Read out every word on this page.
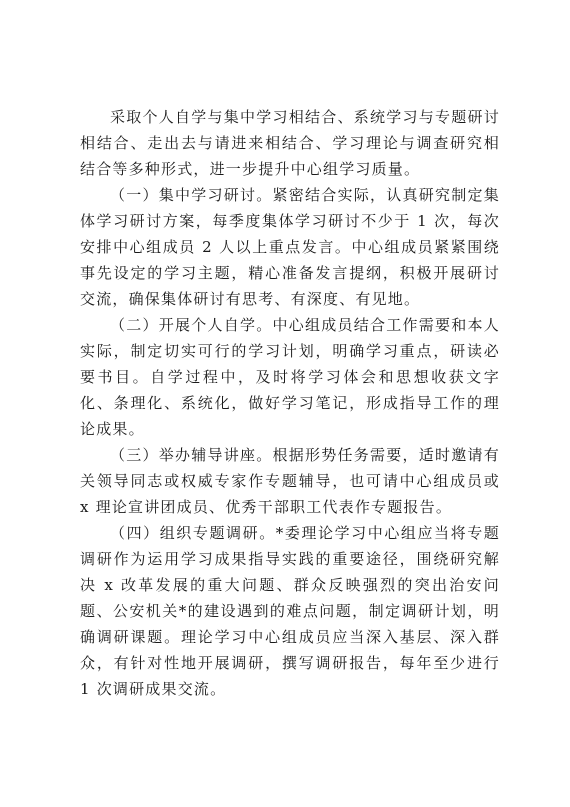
采取个人自学与集中学习相结合、系统学习与专题研讨相结合、走出去与请进来相结合、学习理论与调查研究相结合等多种形式，进一步提升中心组学习质量。

（一）集中学习研讨。紧密结合实际，认真研究制定集体学习研讨方案，每季度集体学习研讨不少于 1 次，每次安排中心组成员 2 人以上重点发言。中心组成员紧紧围绕事先设定的学习主题，精心准备发言提纲，积极开展研讨交流，确保集体研讨有思考、有深度、有见地。

（二）开展个人自学。中心组成员结合工作需要和本人实际，制定切实可行的学习计划，明确学习重点，研读必要书目。自学过程中，及时将学习体会和思想收获文字化、条理化、系统化，做好学习笔记，形成指导工作的理论成果。

（三）举办辅导讲座。根据形势任务需要，适时邀请有关领导同志或权威专家作专题辅导，也可请中心组成员或 x 理论宣讲团成员、优秀干部职工代表作专题报告。

（四）组织专题调研。*委理论学习中心组应当将专题调研作为运用学习成果指导实践的重要途径，围绕研究解决 x 改革发展的重大问题、群众反映强烈的突出治安问题、公安机关*的建设遇到的难点问题，制定调研计划，明确调研课题。理论学习中心组成员应当深入基层、深入群众，有针对性地开展调研，撰写调研报告，每年至少进行 1 次调研成果交流。
